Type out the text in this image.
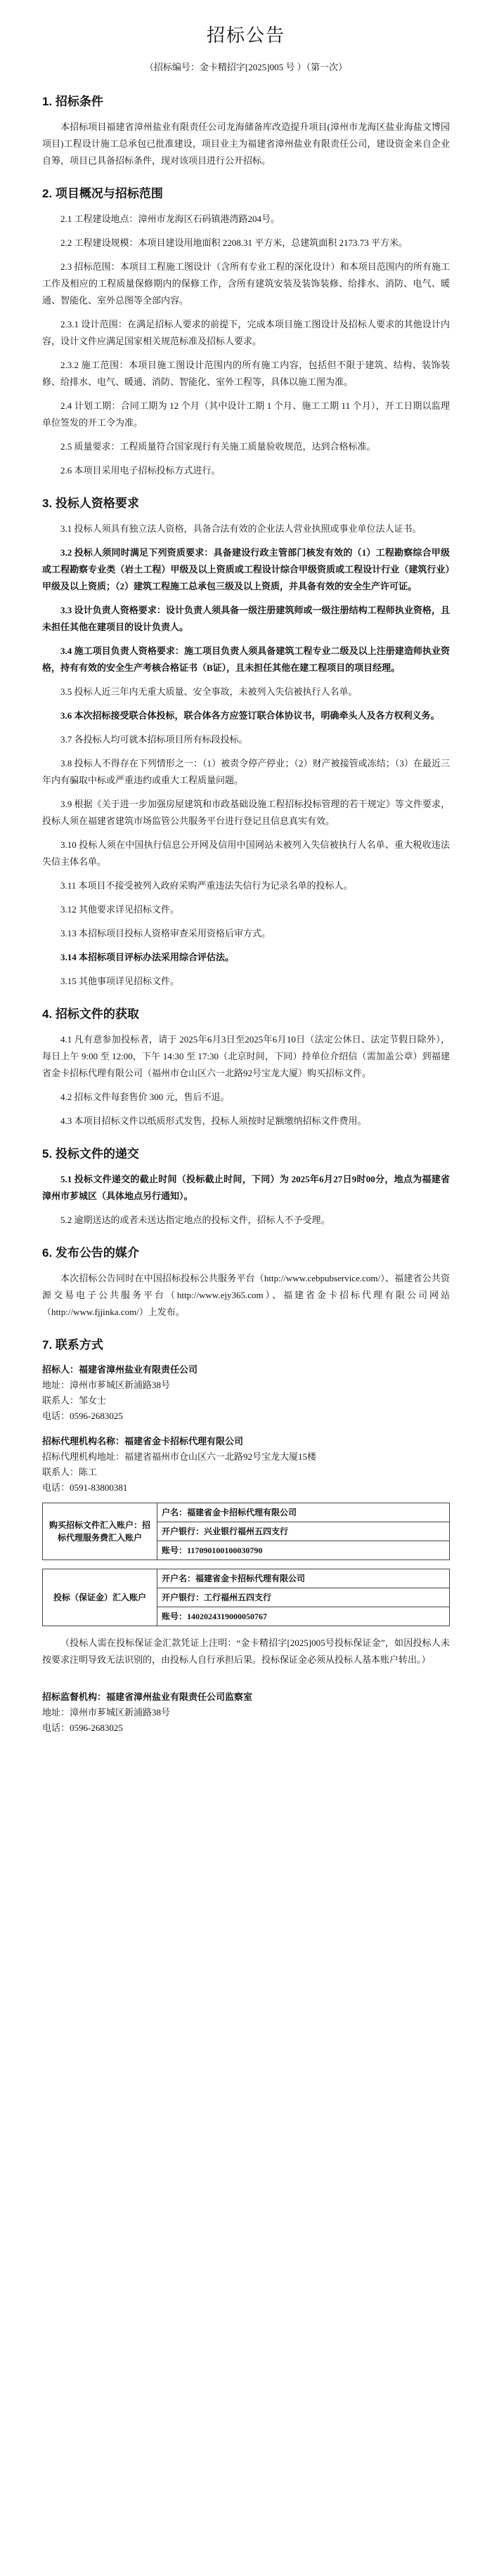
招标公告
（招标编号：金卡精招字[2025]005 号 ）（第一次）
1. 招标条件

本招标项目福建省漳州盐业有限责任公司龙海储备库改造提升项目(漳州市龙海区盐业海盐文博园项目)工程设计施工总承包已批准建设，项目业主为福建省漳州盐业有限责任公司，建设资金来自企业自筹，项目已具备招标条件，现对该项目进行公开招标。

2. 项目概况与招标范围

2.1 工程建设地点：漳州市龙海区石码镇港湾路204号。

2.2 工程建设规模：本项目建设用地面积 2208.31 平方米，总建筑面积 2173.73 平方米。

2.3 招标范围：本项目工程施工图设计（含所有专业工程的深化设计）和本项目范围内的所有施工工作及相应的工程质量保修期内的保修工作，含所有建筑安装及装饰装修、给排水、消防、电气、暖通、智能化、室外总图等全部内容。

2.3.1 设计范围：在满足招标人要求的前提下，完成本项目施工图设计及招标人要求的其他设计内容，设计文件应满足国家相关规范标准及招标人要求。

2.3.2 施工范围：本项目施工图设计范围内的所有施工内容，包括但不限于建筑、结构、装饰装修、给排水、电气、暖通、消防、智能化、室外工程等，具体以施工图为准。

2.4 计划工期：合同工期为 12 个月（其中设计工期 1 个月、施工工期 11 个月），开工日期以监理单位签发的开工令为准。

2.5 质量要求：工程质量符合国家现行有关施工质量验收规范，达到合格标准。

2.6 本项目采用电子招标投标方式进行。

3. 投标人资格要求

3.1 投标人须具有独立法人资格，具备合法有效的企业法人营业执照或事业单位法人证书。

3.2 投标人须同时满足下列资质要求：具备建设行政主管部门核发有效的（1）工程勘察综合甲级或工程勘察专业类（岩土工程）甲级及以上资质或工程设计综合甲级资质或工程设计行业（建筑行业）甲级及以上资质；（2）建筑工程施工总承包三级及以上资质，并具备有效的安全生产许可证。

3.3 设计负责人资格要求：设计负责人须具备一级注册建筑师或一级注册结构工程师执业资格，且未担任其他在建项目的设计负责人。

3.4 施工项目负责人资格要求：施工项目负责人须具备建筑工程专业二级及以上注册建造师执业资格，持有有效的安全生产考核合格证书（B证），且未担任其他在建工程项目的项目经理。

3.5 投标人近三年内无重大质量、安全事故，未被列入失信被执行人名单。

3.6 本次招标接受联合体投标，联合体各方应签订联合体协议书，明确牵头人及各方权利义务。

3.7 各投标人均可就本招标项目所有标段投标。

3.8 投标人不得存在下列情形之一：（1）被责令停产停业；（2）财产被接管或冻结；（3）在最近三年内有骗取中标或严重违约或重大工程质量问题。

3.9 根据《关于进一步加强房屋建筑和市政基础设施工程招标投标管理的若干规定》等文件要求，投标人须在福建省建筑市场监管公共服务平台进行登记且信息真实有效。

3.10 投标人须在中国执行信息公开网及信用中国网站未被列入失信被执行人名单、重大税收违法失信主体名单。

3.11 本项目不接受被列入政府采购严重违法失信行为记录名单的投标人。

3.12 其他要求详见招标文件。

3.13 本招标项目投标人资格审查采用资格后审方式。

3.14 本招标项目评标办法采用综合评估法。

3.15 其他事项详见招标文件。

4. 招标文件的获取

4.1 凡有意参加投标者，请于 2025年6月3日至2025年6月10日（法定公休日、法定节假日除外），每日上午 9:00 至 12:00，下午 14:30 至 17:30（北京时间，下同）持单位介绍信（需加盖公章）到福建省金卡招标代理有限公司（福州市仓山区六一北路92号宝龙大厦）购买招标文件。

4.2 招标文件每套售价 300 元，售后不退。

4.3 本项目招标文件以纸质形式发售，投标人须按时足额缴纳招标文件费用。

5. 投标文件的递交

5.1 投标文件递交的截止时间（投标截止时间，下同）为 2025年6月27日9时00分，地点为福建省漳州市芗城区（具体地点另行通知）。

5.2 逾期送达的或者未送达指定地点的投标文件，招标人不予受理。

6. 发布公告的媒介

本次招标公告同时在中国招标投标公共服务平台（http://www.cebpubservice.com/）、福建省公共资源交易电子公共服务平台（http://www.ejy365.com）、福建省金卡招标代理有限公司网站（http://www.fjjinka.com/）上发布。

7. 联系方式

招标人：福建省漳州盐业有限责任公司

地址：漳州市芗城区新浦路38号

联系人：邹女士

电话：0596-2683025

招标代理机构名称：福建省金卡招标代理有限公司

招标代理机构地址：福建省福州市仓山区六一北路92号宝龙大厦15楼

联系人：陈工

电话：0591-83800381

购买招标文件汇入账户：招标代理服务费汇入账户	户名：福建省金卡招标代理有限公司
开户银行：兴业银行福州五四支行
账号：117090100100030790
投标（保证金）汇入账户	开户名：福建省金卡招标代理有限公司
开户银行：工行福州五四支行
账号：1402024319000050767

（投标人需在投标保证金汇款凭证上注明：“金卡精招字[2025]005号投标保证金”，如因投标人未按要求注明导致无法识别的，由投标人自行承担后果。投标保证金必须从投标人基本账户转出。）

招标监督机构：福建省漳州盐业有限责任公司监察室

地址：漳州市芗城区新浦路38号

电话：0596-2683025
